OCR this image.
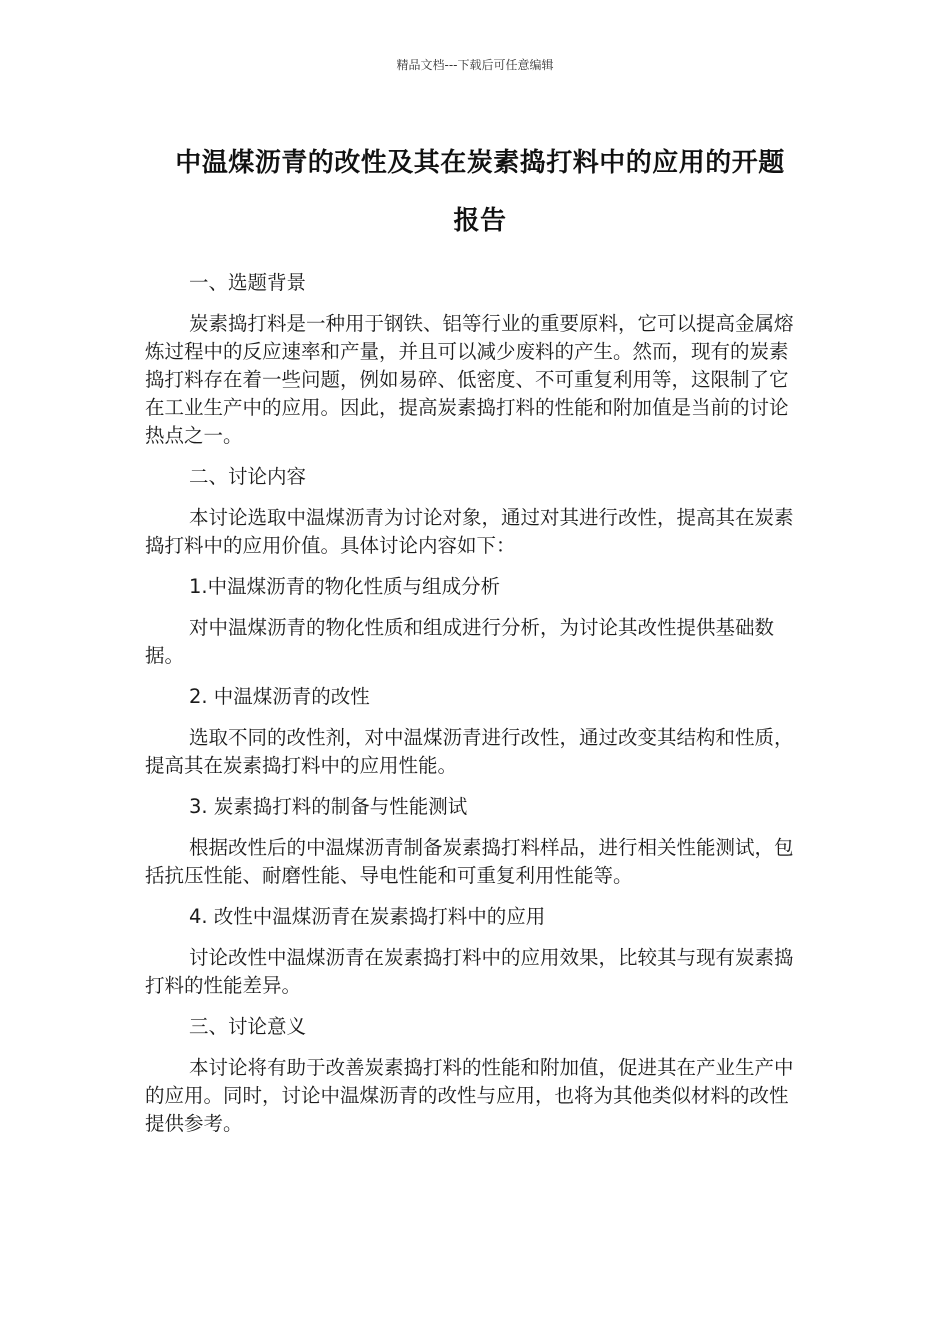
精品文档---下载后可任意编辑
中温煤沥青的改性及其在炭素捣打料中的应用的开题
报告

一、选题背景

炭素捣打料是一种用于钢铁、铝等行业的重要原料，它可以提高金属熔炼过程中的反应速率和产量，并且可以减少废料的产生。然而，现有的炭素捣打料存在着一些问题，例如易碎、低密度、不可重复利用等，这限制了它在工业生产中的应用。因此，提高炭素捣打料的性能和附加值是当前的讨论热点之一。

二、讨论内容

本讨论选取中温煤沥青为讨论对象，通过对其进行改性，提高其在炭素捣打料中的应用价值。具体讨论内容如下：

1.中温煤沥青的物化性质与组成分析

对中温煤沥青的物化性质和组成进行分析，为讨论其改性提供基础数据。

2. 中温煤沥青的改性

选取不同的改性剂，对中温煤沥青进行改性，通过改变其结构和性质，提高其在炭素捣打料中的应用性能。

3. 炭素捣打料的制备与性能测试

根据改性后的中温煤沥青制备炭素捣打料样品，进行相关性能测试，包括抗压性能、耐磨性能、导电性能和可重复利用性能等。

4. 改性中温煤沥青在炭素捣打料中的应用

讨论改性中温煤沥青在炭素捣打料中的应用效果，比较其与现有炭素捣打料的性能差异。

三、讨论意义

本讨论将有助于改善炭素捣打料的性能和附加值，促进其在产业生产中的应用。同时，讨论中温煤沥青的改性与应用，也将为其他类似材料的改性提供参考。
